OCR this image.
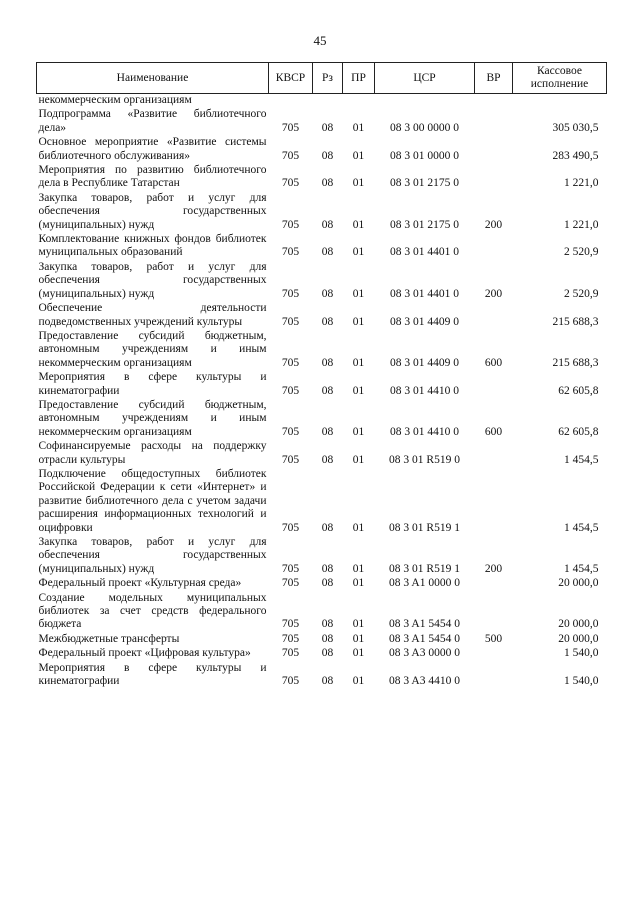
45
Наименование	КВСР	Рз	ПР	ЦСР	ВР	Кассовое исполнение
некоммерческим организациям						
Подпрограмма «Развитие библиотечного дела»	705	08	01	08 3 00 0000 0		305 030,5
Основное мероприятие «Развитие системы библиотечного обслуживания»	705	08	01	08 3 01 0000 0		283 490,5
Мероприятия по развитию библиотечного дела в Республике Татарстан	705	08	01	08 3 01 2175 0		1 221,0
Закупка товаров, работ и услуг для обеспечения государственных (муниципальных) нужд	705	08	01	08 3 01 2175 0	200	1 221,0
Комплектование книжных фондов библиотек муниципальных образований	705	08	01	08 3 01 4401 0		2 520,9
Закупка товаров, работ и услуг для обеспечения государственных (муниципальных) нужд	705	08	01	08 3 01 4401 0	200	2 520,9
Обеспечение деятельности подведомственных учреждений культуры	705	08	01	08 3 01 4409 0		215 688,3
Предоставление субсидий бюджетным, автономным учреждениям и иным некоммерческим организациям	705	08	01	08 3 01 4409 0	600	215 688,3
Мероприятия в сфере культуры и кинематографии	705	08	01	08 3 01 4410 0		62 605,8
Предоставление субсидий бюджетным, автономным учреждениям и иным некоммерческим организациям	705	08	01	08 3 01 4410 0	600	62 605,8
Софинансируемые расходы на поддержку отрасли культуры	705	08	01	08 3 01 R519 0		1 454,5
Подключение общедоступных библиотек Российской Федерации к сети «Интернет» и развитие библиотечного дела с учетом задачи расширения информационных технологий и оцифровки	705	08	01	08 3 01 R519 1		1 454,5
Закупка товаров, работ и услуг для обеспечения государственных (муниципальных) нужд	705	08	01	08 3 01 R519 1	200	1 454,5
Федеральный проект «Культурная среда»	705	08	01	08 3 A1 0000 0		20 000,0
Создание модельных муниципальных библиотек за счет средств федерального бюджета	705	08	01	08 3 A1 5454 0		20 000,0
Межбюджетные трансферты	705	08	01	08 3 A1 5454 0	500	20 000,0
Федеральный проект «Цифровая культура»	705	08	01	08 3 A3 0000 0		1 540,0
Мероприятия в сфере культуры и кинематографии	705	08	01	08 3 A3 4410 0		1 540,0
